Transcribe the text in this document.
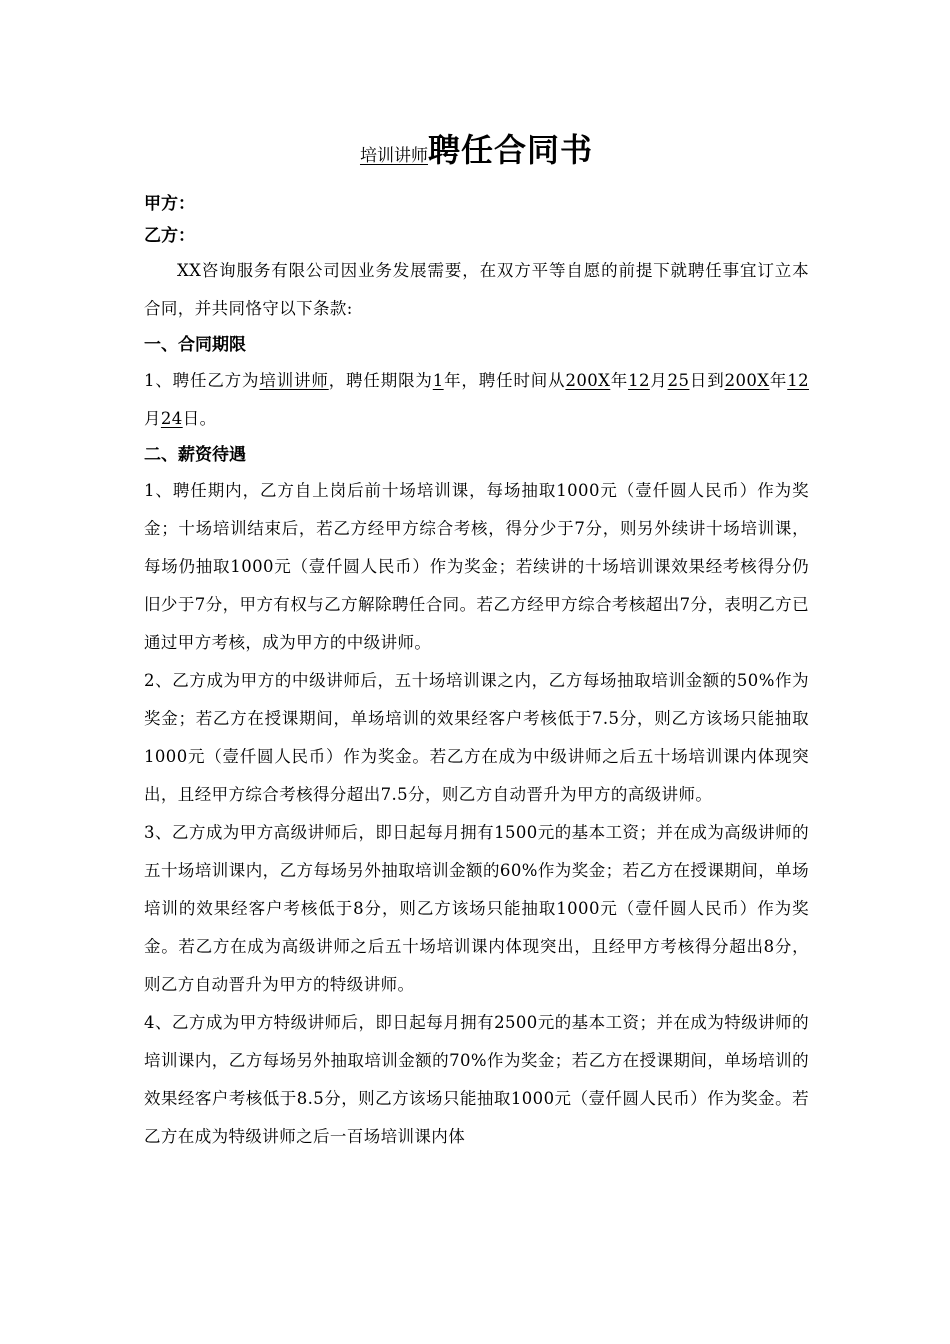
培训讲师聘任合同书
甲方：
乙方：

XX咨询服务有限公司因业务发展需要，在双方平等自愿的前提下就聘任事宜订立本合同，并共同恪守以下条款:

一、合同期限

1、聘任乙方为培训讲师，聘任期限为1年，聘任时间从200X年12月25日到200X年12月24日。

二、薪资待遇

1、聘任期内，乙方自上岗后前十场培训课，每场抽取1000元（壹仟圆人民币）作为奖金；十场培训结束后，若乙方经甲方综合考核，得分少于7分，则另外续讲十场培训课，每场仍抽取1000元（壹仟圆人民币）作为奖金；若续讲的十场培训课效果经考核得分仍旧少于7分，甲方有权与乙方解除聘任合同。若乙方经甲方综合考核超出7分，表明乙方已通过甲方考核，成为甲方的中级讲师。

2、乙方成为甲方的中级讲师后，五十场培训课之内，乙方每场抽取培训金额的50%作为奖金；若乙方在授课期间，单场培训的效果经客户考核低于7.5分，则乙方该场只能抽取1000元（壹仟圆人民币）作为奖金。若乙方在成为中级讲师之后五十场培训课内体现突出，且经甲方综合考核得分超出7.5分，则乙方自动晋升为甲方的高级讲师。

3、乙方成为甲方高级讲师后，即日起每月拥有1500元的基本工资；并在成为高级讲师的五十场培训课内，乙方每场另外抽取培训金额的60%作为奖金；若乙方在授课期间，单场培训的效果经客户考核低于8分，则乙方该场只能抽取1000元（壹仟圆人民币）作为奖金。若乙方在成为高级讲师之后五十场培训课内体现突出，且经甲方考核得分超出8分，则乙方自动晋升为甲方的特级讲师。

4、乙方成为甲方特级讲师后，即日起每月拥有2500元的基本工资；并在成为特级讲师的培训课内，乙方每场另外抽取培训金额的70%作为奖金；若乙方在授课期间，单场培训的效果经客户考核低于8.5分，则乙方该场只能抽取1000元（壹仟圆人民币）作为奖金。若乙方在成为特级讲师之后一百场培训课内体
